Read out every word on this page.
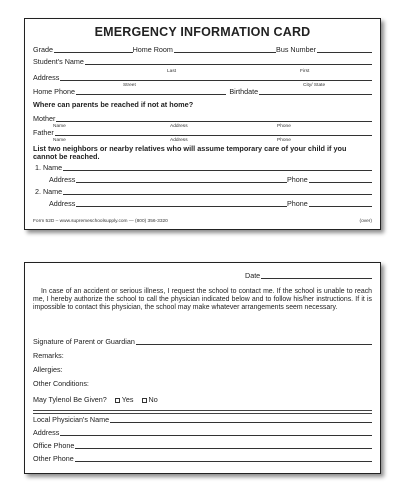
EMERGENCY INFORMATION CARD
Grade	Home Room	Bus Number
Student's Name
Last	First
Address
Street	City/ State
Home Phone	Birthdate
Where can parents be reached if not at home?
Mother
Name	Address	Phone
Father
Name	Address	Phone
List two neighbors or nearby relatives who will assume temporary care of your child if you cannot be reached.
1. Name
Address	Phone
2. Name
Address	Phone
Form 52D – www.supremeschoolsupply.com — (800) 356-3320	(over)
Date
In case of an accident or serious illness, I request the school to contact me. If the school is unable to reach me, I hereby authorize the school to call the physician indicated below and to follow his/her instructions. If it is impossible to contact this physician, the school may make whatever arrangements seem necessary.
Signature of Parent or Guardian
Remarks:
Allergies:
Other Conditions:
May Tylenol Be Given? Yes No
Local Physician's Name
Address
Office Phone
Other Phone
